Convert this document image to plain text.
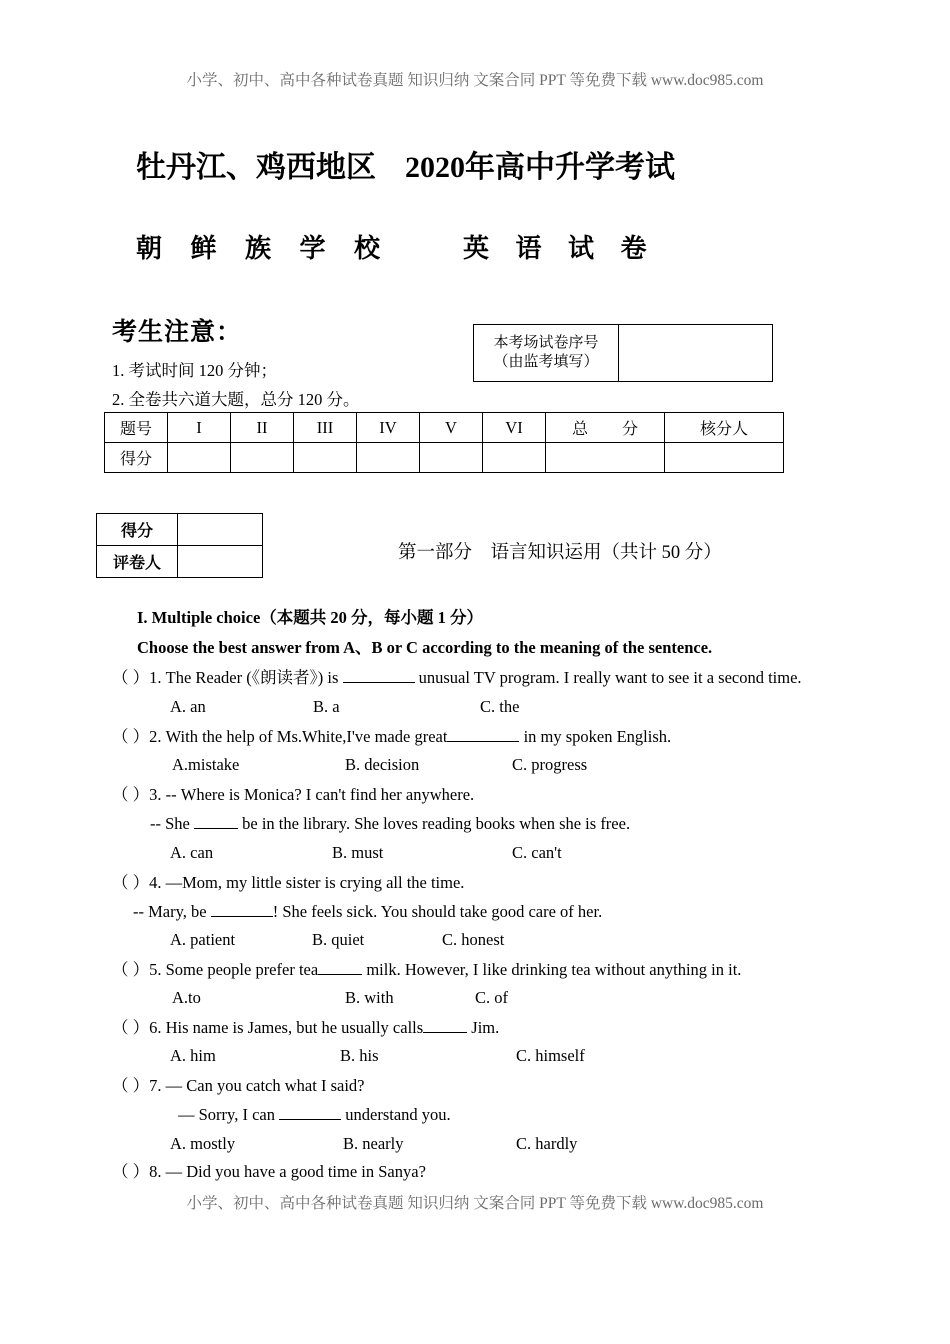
小学、初中、高中各种试卷真题 知识归纳 文案合同 PPT 等免费下载 www.doc985.com
牡丹江、鸡西地区 2020年高中升学考试
朝 鲜 族 学 校	英 语 试 卷
考生注意：
1. 考试时间 120 分钟；
2. 全卷共六道大题，总分 120 分。
本考场试卷序号
（由监考填写）
题号	I	II	III	IV	V	VI	总　分	核分人
得分								
得分	
评卷人	
第一部分　语言知识运用（共计 50 分）
I. Multiple choice（本题共 20 分，每小题 1 分）
Choose the best answer from A、B or C according to the meaning of the sentence.
（ ）1. The Reader (《朗读者》) is	unusual TV program. I really want to see it a second time.
A. an	B. a	C. the
（ ）2. With the help of Ms.White,I've made great	in my spoken English.
A.mistake	B. decision	C. progress
（ ）3. -- Where is Monica? I can't find her anywhere.
-- She	be in the library. She loves reading books when she is free.
A. can	B. must	C. can't
（ ）4. —Mom, my little sister is crying all the time.
-- Mary, be	! She feels sick. You should take good care of her.
A. patient	B. quiet	C. honest
（ ）5. Some people prefer tea	milk. However, I like drinking tea without anything in it.
A.to	B. with	C. of
（ ）6. His name is James, but he usually calls	Jim.
A. him	B. his	C. himself
（ ）7. — Can you catch what I said?
— Sorry, I can	understand you.
A. mostly	B. nearly	C. hardly
（ ）8. — Did you have a good time in Sanya?
小学、初中、高中各种试卷真题 知识归纳 文案合同 PPT 等免费下载 www.doc985.com
